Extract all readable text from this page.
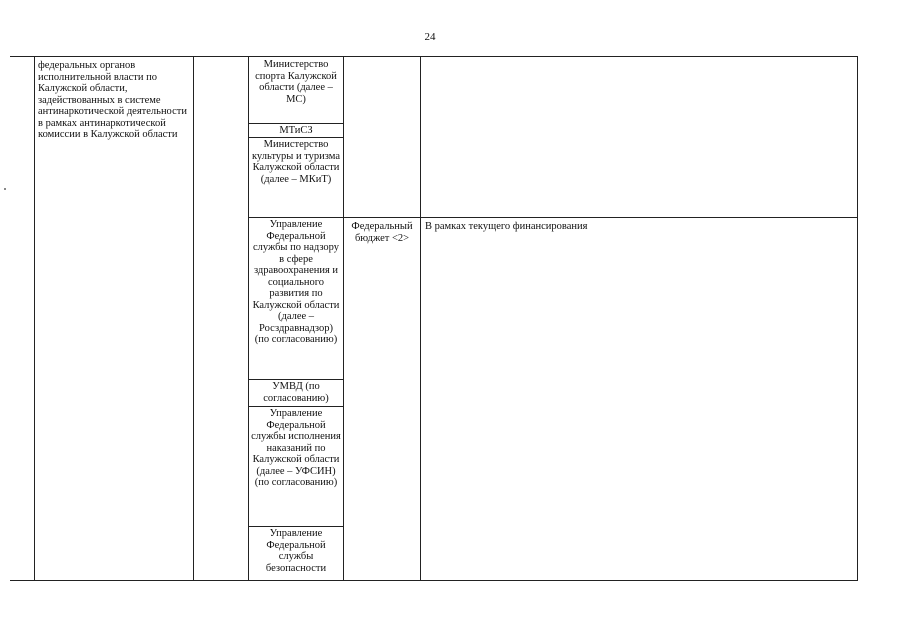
24
федеральных органов исполнительной власти по Калужской области, задействованных в системе антинаркотической деятельности в рамках антинаркотической комиссии в Калужской области
Министерство спорта Калужской области (далее – МС)
МТиСЗ
Министерство культуры и туризма Калужской области (далее – МКиТ)
Управление Федеральной службы по надзору в сфере здравоохранения и социального развития по Калужской области (далее – Росздравнадзор) (по согласованию)
УМВД (по согласованию)
Управление Федеральной службы исполнения наказаний по Калужской области (далее – УФСИН) (по согласованию)
Управление Федеральной службы безопасности
Федеральный бюджет <2>
В рамках текущего финансирования
